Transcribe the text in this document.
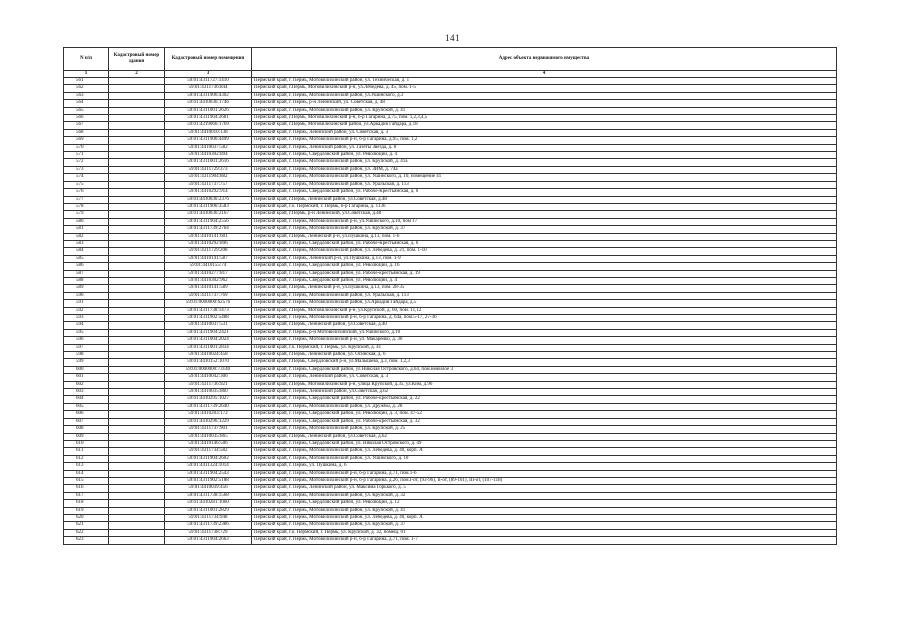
141
N п/п	Кадастровый номер здания	Кадастровый номер помещения	Адрес объекта недвижимого имущества
1	2	3	4
561		59:01:4311727:1410	Пермский край, г. Пермь, Мотовилихинский район, ул. Техническая, д. 1
562		59:01:4311736:844	Пермский край, г.Пермь, Мотовилихинский р-н, ул.Лебедева, д. 45, пом. 1-5
563		59:01:4311906:4302	Пермский край, г. Пермь, Мотовилихинский район, ул.Ушинского, д.3
564		59:01:4410036:1746	Пермский край, г. Пермь, р-н Ленинский, ул. Советская, д. 48
565		59:01:4311001:2626	Пермский край, г. Пермь, Мотовилихинский район, ул. Крупской, д. 41
566		59:01:4311904:2681	Пермский край, г.Пермь, Мотовилихинский р-н, б-р Гагарина, д.75, пом. 1,2,3,4,5
567		59:01:4319066:1769	Пермский край, г.Пермь, Мотовилихинский район, ул.Аркадия Гайдара, д.18
568		59:01:4410010:138	Пермский край, г. Пермь, Ленинский район, ул. Советская, д. 3
569		59:01:4311906:4499	Пермский край, г. Пермь, Мотовилихинский р-н, б-р Гагарина, д.95, пом. 1,2
570		59:01:4410037:582	Пермский край, г. Пермь, Ленинский район, ул. Газеты Звезда, д. 8
571		59:01:4410302:894	Пермский край, г. Пермь, Свердловский район, ул. Революции, д. 4
572		59:01:4311001:2616	Пермский край, г. Пермь, Мотовилихинский район, ул. Крупской, д. 41а
573		59:01:4311729:373	Пермский край, г. Пермь, Мотовилихинский район, ул. ЗИМ, д. 74а
574		59:01:4311904:882	Пермский край, г. Пермь, Мотовилихинский район, ул. Ушинского, д. 10, помещение 41
575		59:01:4311737:757	Пермский край, г. Пермь, Мотовилихинский район, ул. Уральская, д. 113
576		59:01:4410292:914	Пермский край, г. Пермь, Свердловский район, ул. Рабоче-Крестьянская, д. 6
577		59:01:4410036:2376	Пермский край, г.Пермь, Ленинский район, ул.Советская, д.48
578		59:01:4311906:3583	Пермский край, г.о. Пермский, г. Пермь, б-р Гагарина, д. 113б
579		59:01:4410036:2167	Пермский край, г.Пермь, р-н Ленинский, ул.Советская, д.48
580		59:01:4311904:2556	Пермский край, г. Пермь, Мотовилихинский р-н, ул.Ушинского, д.10, пом 17
581		59:01:4311739:2764	Пермский край, г. Пермь, Мотовилихинский район, ул. Крупской, д. 37
582		59:01:4410141:601	Пермский край, г.Пермь, Ленинский р-н, ул.Пушкина, д.13, пом. 1-6
583		59:01:4410292:896	Пермский край, г. Пермь, Свердловский район, ул. Рабоче-Крестьянская, д. 6
584		59:01:4311729:208	Пермский край, г. Пермь, Мотовилихинский район, ул. Лебедева, д. 21, пом. 1-10
585		59:01:4410141:587	Пермский край, г. Пермь, Ленинский р-н, ул.Пушкина, д.13, пом. 1-9
586		59:01:4410155:74	Пермский край, г. Пермь, Свердловский район, ул. Революции, д. 16
587		59:01:4410277:817	Пермский край, г. Пермь, Свердловский район, ул. Рабоче-крестьянская, д. 19
588		59:01:4410302:962	Пермский край, г. Пермь, Свердловский район, ул. Революции, д. 4
589		59:01:4410141:589	Пермский край, г.Пермь, Ленинский р-н, ул.Пушкина, д.13, пом. 28-35
590		59:01:4311737:769	Пермский край, г. Пермь, Мотовилихинский район, ул. Уральская, д. 113
591		59:01:0000000:62576	Пермский край, г. Пермь, Мотовилихинский район, ул.Аркадия Гайдара, д.5
592		59:01:4311738:1473	Пермский край, г.Пермь, Мотовилихинский р-н, ул.Крупской, д. 60, пом. 11,12
593		59:01:4311902:5488	Пермский край, г. Пермь, Мотовилихинский р-н, б-р Гагарина, д. 64а, пом.5-17, 27-36
594		59:01:4410037:531	Пермский край, г.Пермь, Ленинский район, ул.Советская, д.40
595		59:01:4311904:2421	Пермский край, г. Пермь, р-н Мотовилихинский, ул.Ушинского, д.10
596		59:01:4311004:2024	Пермский край, г. Пермь, Мотовилихинский р-н, ул. Макаренко, д. 30
597		59:01:4311001:2834	Пермский край, г.о. Пермский, г. Пермь, ул. Крупской, д. 41
598		59:01:4410024:458	Пермский край, г.Пермь, Ленинский район, ул. Осинская, д. 6
599		59:01:4410152:1070	Пермский край, г.Пермь, Свердловский р-н, ул.Малышева, д.3, пом. 1,2,3
600		59:01:0000000:73140	Пермский край, г. Пермь, Свердловский район, ул.Николая Островского, д.64, пом.нежилое 3
601		59:01:4410042:306	Пермский край, г. Пермь, Ленинский район, ул. Советская, д. 3
602		59:01:4311736:921	Пермский край, г.Пермь, Мотовилихинский р-н, улица Крупской, д.35, ул.Ким, д.96
603		59:01:4410035:860	Пермский край, г. Пермь, Ленинский район, ул.Советская, д.62
604		59:01:4410295:1027	Пермский край, г. Пермь, Свердловский район, ул. Рабоче-крестьянская, д. 22
605		59:01:4311739:2640	Пермский край, г. Пермь, Мотовилихинский район, ул. Дружбы, д. 28
606		59:01:4410203:172	Пермский край, г. Пермь, Свердловский район, ул. Революции, д. 3, пом. 47-52
607		59:01:4410296:1229	Пермский край, г. Пермь, Свердловский район, ул. Рабоче-крестьянская, д. 32
608		59:01:4311737:901	Пермский край, г. Пермь, Мотовилихинский район, ул. Крупской, д. 25
609		59:01:4410035:865	Пермский край, г.Пермь, Ленинский район, ул.Советская, д.62
610		59:01:4410146:506	Пермский край, г. Пермь, Свердловский район, ул. Николая Островского, д. 49
611		59:01:4311734:582	Пермский край, г. Пермь, Мотовилихинский район, ул. Лебедева, д. 40, корп. А
612		59:01:4311904:2602	Пермский край, г. Пермь, Мотовилихинский район, ул. Ушинского, д. 10
613		59:01:4411324:1014	Пермский край, г. Пермь, ул. Пушкина, д. 6
614		59:01:4311904:2543	Пермский край, г. Пермь, Мотовилихинский р-н, б-р Гагарина, д.71, пом.1-6
615		59:01:4311902:5188	Пермский край, г. Пермь, Мотовилихинский р-н, б-р Гагарина, д.26, пом.I-от, (93-96), II-от, (89-101), III-от, (107-118)
616		59:01:4410039:456	Пермский край, г. Пермь, Ленинский район, ул. Максима Горького, д. 5
617		59:01:4311738:1568	Пермский край, г. Пермь, Мотовилихинский район, ул. Крупской, д. 32
618		59:01:4410281:1060	Пермский край, г. Пермь, Свердловский район, ул. Революции, д. 12
619		59:01:4311001:2829	Пермский край, г. Пермь, Мотовилихинский район, ул. Крупской, д. 41
620		59:01:4311734:948	Пермский край, г. Пермь, Мотовилихинский район, ул. Лебедева, д. 40, корп. А
621		59:01:4311739:2386	Пермский край, г. Пермь, Мотовилихинский район, ул. Крупской, д. 37
622		59:01:4311738:729	Пермский край, г.о. Пермский, г. Пермь, ул. Крупской, д. 32, помещ. 01
623		59:01:4311904:2663	Пермский край, г. Пермь, Мотовилихинский р-н, б-р Гагарина, д.71, пом. 1-7
